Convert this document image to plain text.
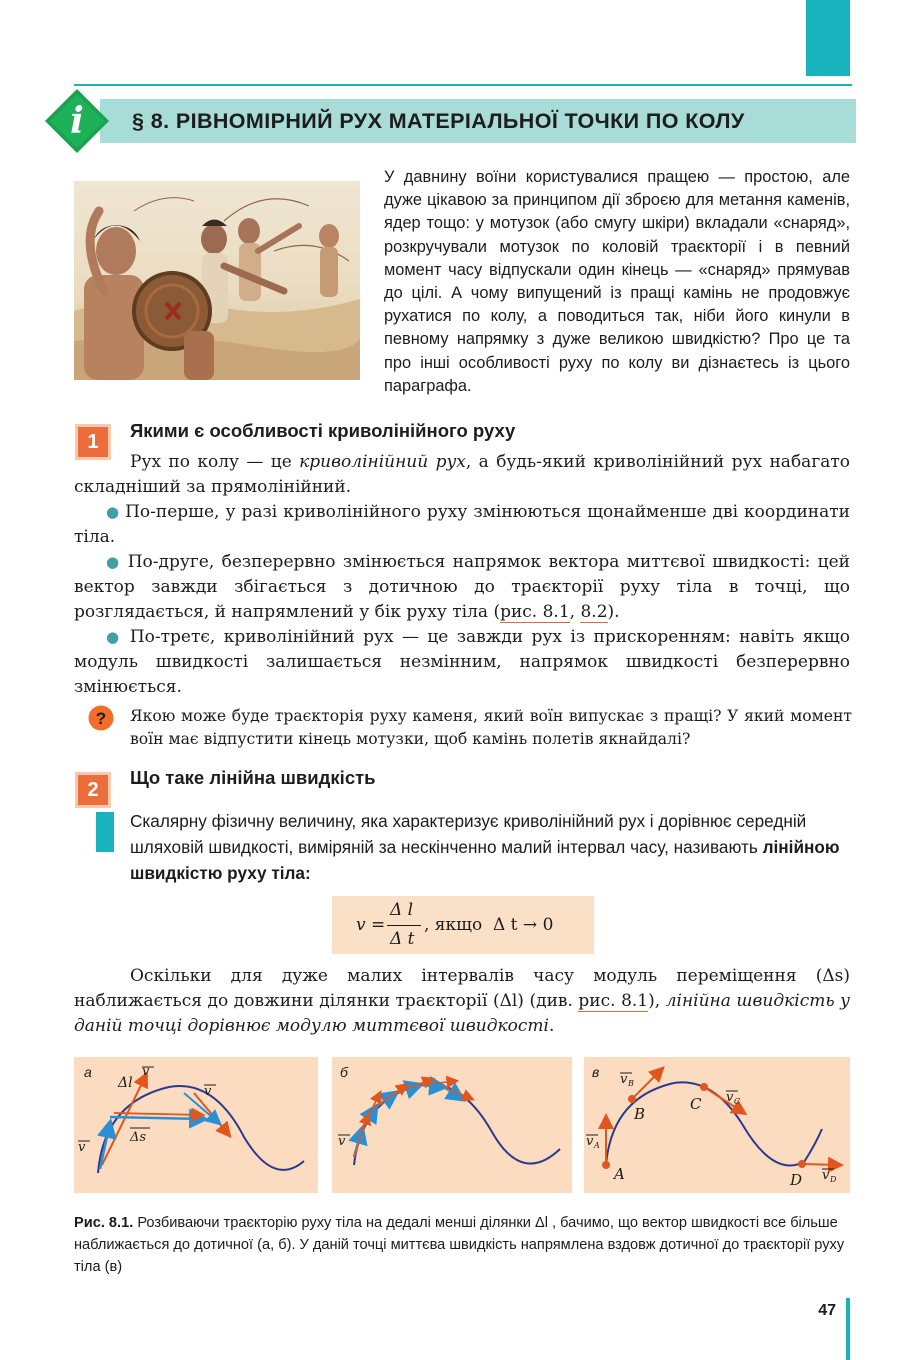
i § 8. РІВНОМІРНИЙ РУХ МАТЕРІАЛЬНОЇ ТОЧКИ ПО КОЛУ
У давнину воїни користувалися пращею — простою, але дуже цікавою за принципом дії зброєю для метання каменів, ядер тощо: у мотузок (або смугу шкіри) вкладали «снаряд», розкручували мотузок по коловій траєкторії і в певний момент часу відпускали один кінець — «снаряд» прямував до цілі. А чому випущений із пращі камінь не продовжує рухатися по колу, а поводиться так, ніби його кинули в певному напрямку з дуже великою швидкістю? Про це та про інші особливості руху по колу ви дізнаєтесь із цього параграфа.
1
Якими є особливості криволінійного руху

Рух по колу — це криволінійний рух, а будь-який криволінійний рух набагато складніший за прямолінійний.

● По-перше, у разі криволінійного руху змінюються щонайменше дві координати тіла.

● По-друге, безперервно змінюється напрямок вектора миттєвої швидкості: цей вектор завжди збігається з дотичною до траєкторії руху тіла в точці, що розглядається, й напрямлений у бік руху тіла (рис. 8.1, 8.2).

● По-третє, криволінійний рух — це завжди рух із прискоренням: навіть якщо модуль швидкості залишається незмінним, напрямок швидкості безперервно змінюється.

? Якою може буде траєкторія руху каменя, який воїн випускає з пращі? У який момент воїн має відпустити кінець мотузки, щоб камінь полетів якнайдалі?
2
Що таке лінійна швидкість
Скалярну фізичну величину, яка характеризує криволінійний рух і дорівнює середній шляховій швидкості, виміряній за нескінченно малий інтервал часу, називають лінійною швидкістю руху тіла:
v =
Δ l
Δ t
, якщо  Δ t → 0

Оскільки для дуже малих інтервалів часу модуль переміщення (Δs) наближається до довжини ділянки траєкторії (Δl) (див. рис. 8.1), лінійна швидкість у даній точці дорівнює модулю миттєвої швидкості.

а
Δl
v
v
v
Δs
б
v
в
A
B
C
D
v A
v B
v C
v D
Рис. 8.1. Розбиваючи траєкторію руху тіла на дедалі менші ділянки Δl , бачимо, що вектор швидкості все більше наближається до дотичної (а, б). У даній точці миттєва швидкість напрямлена вздовж дотичної до траєкторії руху тіла (в)
47
